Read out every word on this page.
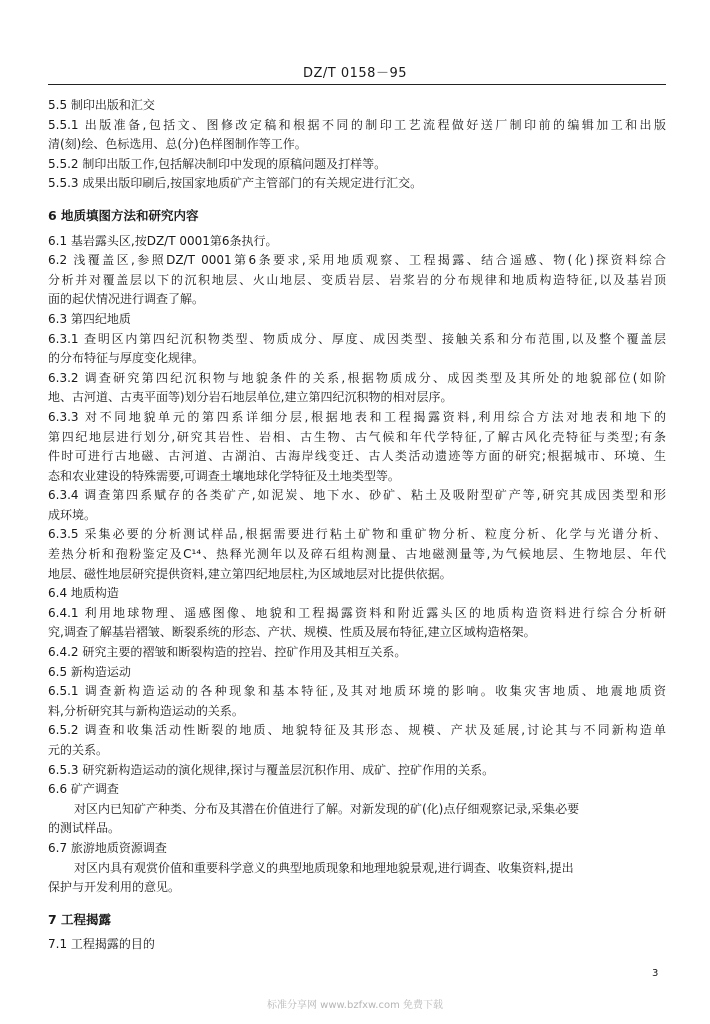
DZ/T 0158－95

5.5 制印出版和汇交

5.5.1 出版准备,包括文、图修改定稿和根据不同的制印工艺流程做好送厂制印前的编辑加工和出版

清(刻)绘、色标选用、总(分)色样图制作等工作。

5.5.2 制印出版工作,包括解决制印中发现的原稿问题及打样等。

5.5.3 成果出版印刷后,按国家地质矿产主管部门的有关规定进行汇交。

6 地质填图方法和研究内容

6.1 基岩露头区,按DZ/T 0001第6条执行。

6.2 浅覆盖区,参照DZ/T 0001第6条要求,采用地质观察、工程揭露、结合遥感、物(化)探资料综合

分析并对覆盖层以下的沉积地层、火山地层、变质岩层、岩浆岩的分布规律和地质构造特征,以及基岩顶

面的起伏情况进行调查了解。

6.3 第四纪地质

6.3.1 查明区内第四纪沉积物类型、物质成分、厚度、成因类型、接触关系和分布范围,以及整个覆盖层

的分布特征与厚度变化规律。

6.3.2 调查研究第四纪沉积物与地貌条件的关系,根据物质成分、成因类型及其所处的地貌部位(如阶

地、古河道、古夷平面等)划分岩石地层单位,建立第四纪沉积物的相对层序。

6.3.3 对不同地貌单元的第四系详细分层,根据地表和工程揭露资料,利用综合方法对地表和地下的

第四纪地层进行划分,研究其岩性、岩相、古生物、古气候和年代学特征,了解古风化壳特征与类型;有条

件时可进行古地磁、古河道、古湖泊、古海岸线变迁、古人类活动遗迹等方面的研究;根据城市、环境、生

态和农业建设的特殊需要,可调查土壤地球化学特征及土地类型等。

6.3.4 调查第四系赋存的各类矿产,如泥炭、地下水、砂矿、粘土及吸附型矿产等,研究其成因类型和形

成环境。

6.3.5 采集必要的分析测试样品,根据需要进行粘土矿物和重矿物分析、粒度分析、化学与光谱分析、

差热分析和孢粉鉴定及C¹⁴、热释光测年以及碎石组构测量、古地磁测量等,为气候地层、生物地层、年代

地层、磁性地层研究提供资料,建立第四纪地层柱,为区域地层对比提供依据。

6.4 地质构造

6.4.1 利用地球物理、遥感图像、地貌和工程揭露资料和附近露头区的地质构造资料进行综合分析研

究,调查了解基岩褶皱、断裂系统的形态、产状、规模、性质及展布特征,建立区域构造格架。

6.4.2 研究主要的褶皱和断裂构造的控岩、控矿作用及其相互关系。

6.5 新构造运动

6.5.1 调查新构造运动的各种现象和基本特征,及其对地质环境的影响。收集灾害地质、地震地质资

料,分析研究其与新构造运动的关系。

6.5.2 调查和收集活动性断裂的地质、地貌特征及其形态、规模、产状及延展,讨论其与不同新构造单

元的关系。

6.5.3 研究新构造运动的演化规律,探讨与覆盖层沉积作用、成矿、控矿作用的关系。

6.6 矿产调查

对区内已知矿产种类、分布及其潜在价值进行了解。对新发现的矿(化)点仔细观察记录,采集必要

的测试样品。

6.7 旅游地质资源调查

对区内具有观赏价值和重要科学意义的典型地质现象和地理地貌景观,进行调查、收集资料,提出

保护与开发利用的意见。

7 工程揭露

7.1 工程揭露的目的

3
标准分享网 www.bzfxw.com 免费下载
